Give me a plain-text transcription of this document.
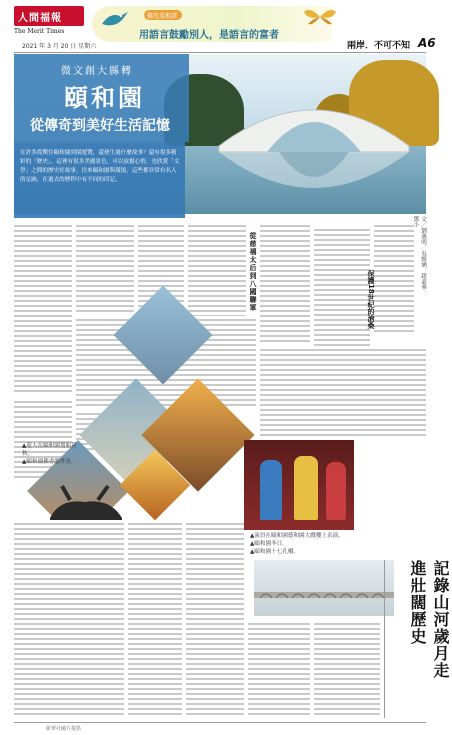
人間福報
The Merit Times
2021 年 3 月 20 日 星期六
佛光菜根譚
用語言鼓勵別人，是語言的富者
兩岸．不可不知 A6
微文創大縣轉
頤和園
從傳奇到美好生活記憶
在許多從嚮往頤和園到園遊覽，還發生過什麼故事？還有很多精彩的「歷史」，這裡有很多美麗景色，可以放鬆心情，也欣賞「文學」之間的歷史好故事，往來頤和園與環境，這些都非常有名人的足跡，在過去的歷程中有不同的印記。
從慈禧太后到八國聯軍	文／劉惠明．吳維涵．趙豪華．鄧小
保護18世紀的滄桑
▲遊人在頤和園划船賞秋。
▲頤和園佛香閣外景。
▲演員在頤和園德和園大戲樓上表演。
▲頤和園冬日。
▲頤和園十七孔橋。
記錄山河歲月走進壯闊歷史
新華社圖片提供
